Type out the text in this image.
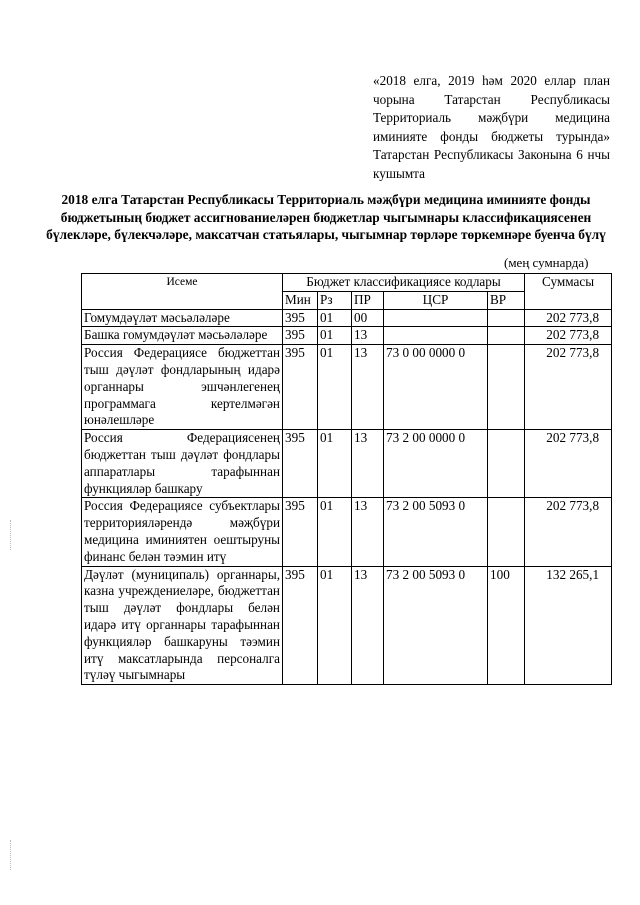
«2018 елга, 2019 һәм 2020 еллар план чорына Татарстан Республикасы Территориаль мәҗбүри медицина иминияте фонды бюджеты турында» Татарстан Республикасы Законына 6 нчы кушымта
2018 елга Татарстан Республикасы Территориаль мәҗбүри медицина иминияте фонды бюджетының бюджет ассигнованиеләрен бюджетлар чыгымнары классификациясенен бүлекләре, бүлекчәләре, максатчан статьялары, чыгымнар төрләре төркемнәре буенча бүлү
(мең сумнарда)
Исеме	Бюджет классификациясе кодлары					Суммасы
	Мин	Рз	ПР	ЦСР	ВР	
Гомумдәүләт мәсьәләләре	395	01	00			202 773,8
Башка гомумдәүләт мәсьәләләре	395	01	13			202 773,8
Россия Федерациясе бюджеттан тыш дәүләт фондларының идарә органнары эшчәнлегенең программага кертелмәгән юнәлешләре	395	01	13	73 0 00 0000 0		202 773,8
Россия Федерациясенең бюджеттан тыш дәүләт фондлары аппаратлары тарафыннан функцияләр башкару	395	01	13	73 2 00 0000 0		202 773,8
Россия Федерациясе субъектлары территорияләрендә мәҗбүри медицина иминиятен оештыруны финанс белән тәэмин итү	395	01	13	73 2 00 5093 0		202 773,8
Дәүләт (муниципаль) органнары, казна учреждениеләре, бюджеттан тыш дәүләт фондлары белән идарә итү органнары тарафыннан функцияләр башкаруны тәэмин итү максатларында персоналга түләү чыгымнары	395	01	13	73 2 00 5093 0	100	132 265,1
